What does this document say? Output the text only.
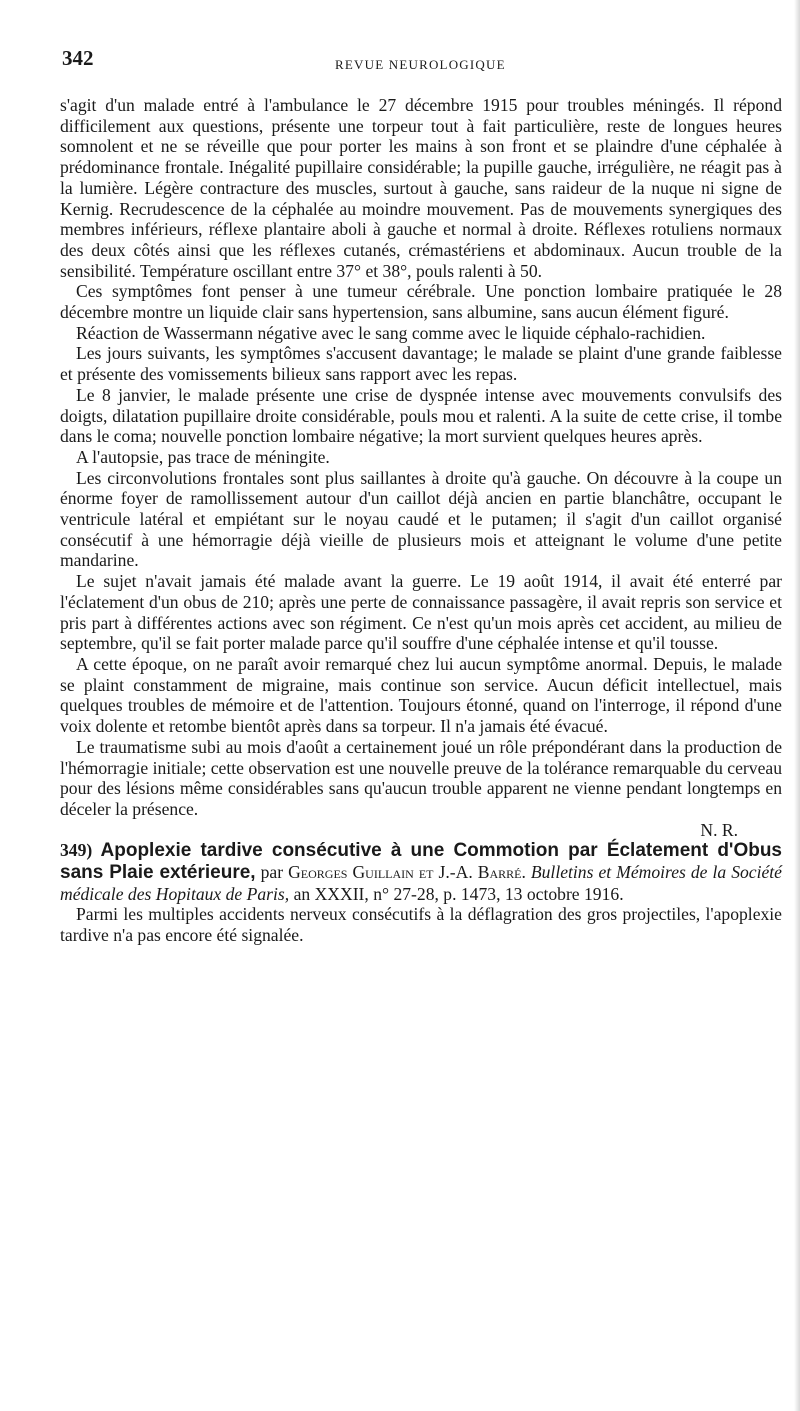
342	REVUE NEUROLOGIQUE

s'agit d'un malade entré à l'ambulance le 27 décembre 1915 pour troubles méningés. Il répond difficilement aux questions, présente une torpeur tout à fait particulière, reste de longues heures somnolent et ne se réveille que pour porter les mains à son front et se plaindre d'une céphalée à prédominance frontale. Inégalité pupillaire considérable; la pupille gauche, irrégulière, ne réagit pas à la lumière. Légère contracture des muscles, surtout à gauche, sans raideur de la nuque ni signe de Kernig. Recrudescence de la céphalée au moindre mouvement. Pas de mouvements synergiques des membres inférieurs, réflexe plantaire aboli à gauche et normal à droite. Réflexes rotuliens normaux des deux côtés ainsi que les réflexes cutanés, crémastériens et abdominaux. Aucun trouble de la sensibilité. Température oscillant entre 37° et 38°, pouls ralenti à 50.

Ces symptômes font penser à une tumeur cérébrale. Une ponction lombaire pratiquée le 28 décembre montre un liquide clair sans hypertension, sans albumine, sans aucun élément figuré.

Réaction de Wassermann négative avec le sang comme avec le liquide céphalo-rachidien.

Les jours suivants, les symptômes s'accusent davantage; le malade se plaint d'une grande faiblesse et présente des vomissements bilieux sans rapport avec les repas.

Le 8 janvier, le malade présente une crise de dyspnée intense avec mouvements convulsifs des doigts, dilatation pupillaire droite considérable, pouls mou et ralenti. A la suite de cette crise, il tombe dans le coma; nouvelle ponction lombaire négative; la mort survient quelques heures après.

A l'autopsie, pas trace de méningite.

Les circonvolutions frontales sont plus saillantes à droite qu'à gauche. On découvre à la coupe un énorme foyer de ramollissement autour d'un caillot déjà ancien en partie blanchâtre, occupant le ventricule latéral et empiétant sur le noyau caudé et le putamen; il s'agit d'un caillot organisé consécutif à une hémorragie déjà vieille de plusieurs mois et atteignant le volume d'une petite mandarine.

Le sujet n'avait jamais été malade avant la guerre. Le 19 août 1914, il avait été enterré par l'éclatement d'un obus de 210; après une perte de connaissance passagère, il avait repris son service et pris part à différentes actions avec son régiment. Ce n'est qu'un mois après cet accident, au milieu de septembre, qu'il se fait porter malade parce qu'il souffre d'une céphalée intense et qu'il tousse.

A cette époque, on ne paraît avoir remarqué chez lui aucun symptôme anormal. Depuis, le malade se plaint constamment de migraine, mais continue son service. Aucun déficit intellectuel, mais quelques troubles de mémoire et de l'attention. Toujours étonné, quand on l'interroge, il répond d'une voix dolente et retombe bientôt après dans sa torpeur. Il n'a jamais été évacué.

Le traumatisme subi au mois d'août a certainement joué un rôle prépondérant dans la production de l'hémorragie initiale; cette observation est une nouvelle preuve de la tolérance remarquable du cerveau pour des lésions même considérables sans qu'aucun trouble apparent ne vienne pendant longtemps en déceler la présence.

N. R.

349) Apoplexie tardive consécutive à une Commotion par Éclatement d'Obus sans Plaie extérieure, par Georges Guillain et J.-A. Barré. Bulletins et Mémoires de la Société médicale des Hopitaux de Paris, an XXXII, n° 27-28, p. 1473, 13 octobre 1916.

Parmi les multiples accidents nerveux consécutifs à la déflagration des gros projectiles, l'apoplexie tardive n'a pas encore été signalée.
